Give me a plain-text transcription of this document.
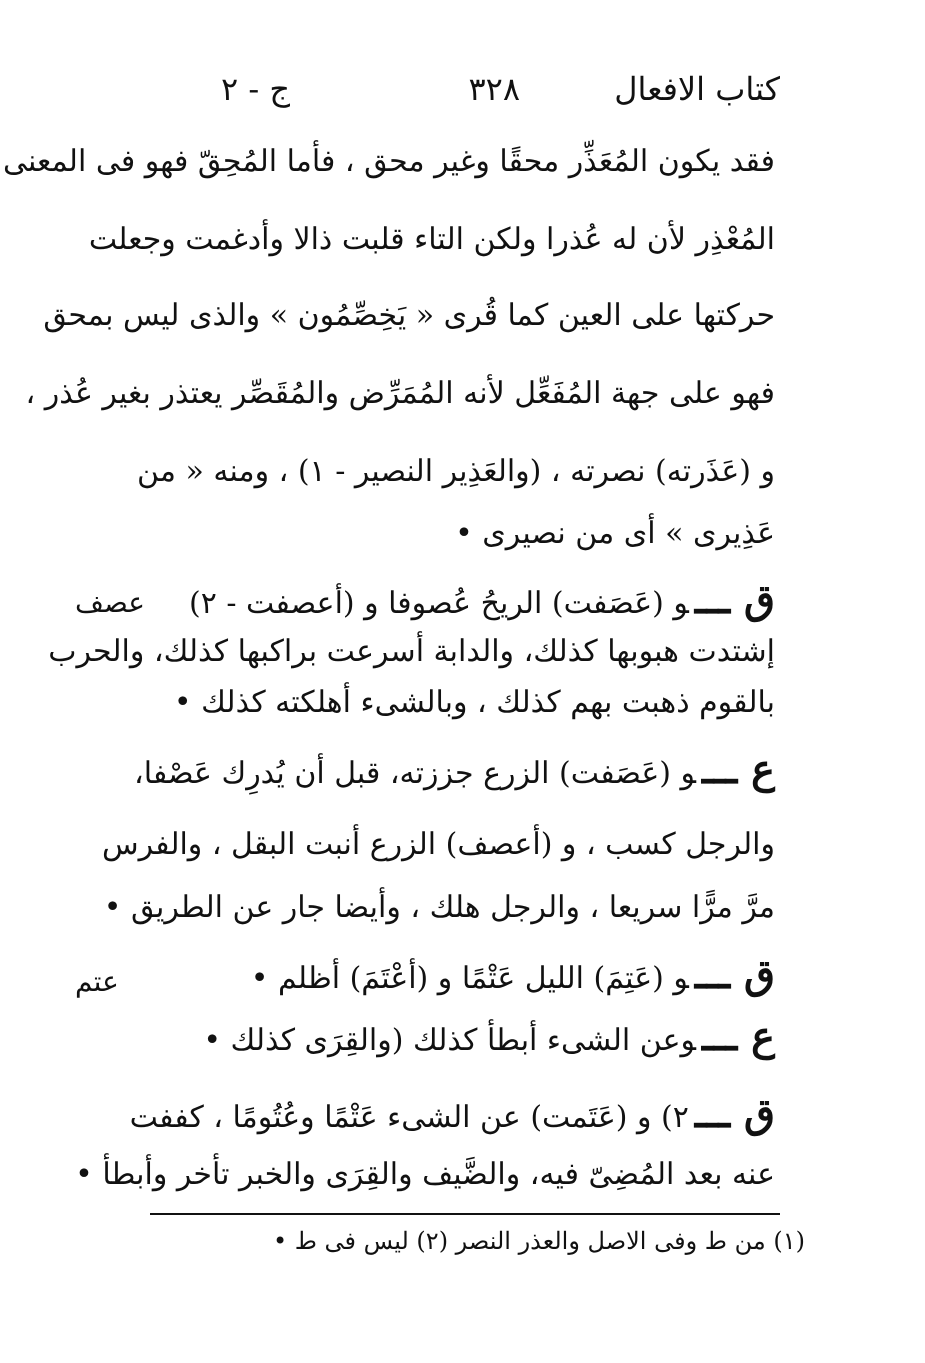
كتاب الافعال
٣٢٨
ج - ٢
فقد يكون المُعَذِّر محقًا وغير محق ، فأما المُحِقّ فهو فى المعنى
المُعْذِر لأن له عُذرا ولكن التاء قلبت ذالا وأدغمت وجعلت
حركتها على العين كما قُرى « يَخِصِّمُون » والذى ليس بمحق
فهو على جهة المُفَعِّل لأنه المُمَرِّض والمُقَصِّر يعتذر بغير عُذر ،
و (عَذَرته) نصرته ، (والعَذِير النصير - ١) ، ومنه « من
عَذِيرى » أى من نصيرى •
ق ـــو (عَصَفت) الريحُ عُصوفا و (أعصفت - ٢)
عصف
إشتدت هبوبها كذلك، والدابة أسرعت براكبها كذلك، والحرب
بالقوم ذهبت بهم كذلك ، وبالشىء أهلكته كذلك •
ع ـــو (عَصَفت) الزرع جززته، قبل أن يُدرِك عَصْفا،
والرجل كسب ، و (أعصف) الزرع أنبت البقل ، والفرس
مرَّ مرًّا سريعا ، والرجل هلك ، وأيضا جار عن الطريق •
ق ـــو (عَتِمَ) الليل عَتْمًا و (أعْتَمَ) أظلم •
عتم
ع ـــوعن الشىء أبطأ كذلك (والقِرَى كذلك •
ق ـــ٢) و (عَتَمت) عن الشىء عَتْمًا وعُتُومًا ، كففت
عنه بعد المُضِىّ فيه، والضَّيف والقِرَى والخبر تأخر وأبطأ •
(١) من ط وفى الاصل والعذر النصر (٢) ليس فى ط •
